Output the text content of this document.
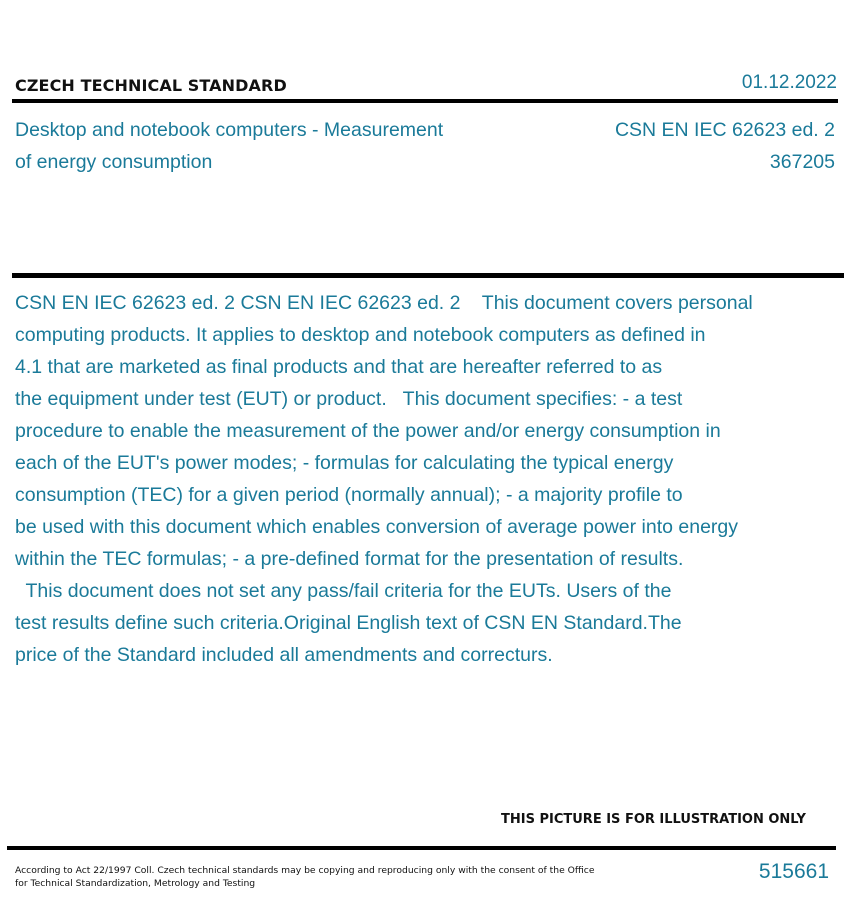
CZECH TECHNICAL STANDARD	01.12.2022
Desktop and notebook computers - Measurement
of energy consumption
CSN EN IEC 62623 ed. 2
367205
CSN EN IEC 62623 ed. 2 CSN EN IEC 62623 ed. 2    This document covers personal
computing products. It applies to desktop and notebook computers as defined in
4.1 that are marketed as final products and that are hereafter referred to as
the equipment under test (EUT) or product.   This document specifies: - a test
procedure to enable the measurement of the power and/or energy consumption in
each of the EUT's power modes; - formulas for calculating the typical energy
consumption (TEC) for a given period (normally annual); - a majority profile to
be used with this document which enables conversion of average power into energy
within the TEC formulas; - a pre-defined format for the presentation of results.
This document does not set any pass/fail criteria for the EUTs. Users of the
test results define such criteria.Original English text of CSN EN Standard.The
price of the Standard included all amendments and correcturs.
THIS PICTURE IS FOR ILLUSTRATION ONLY
According to Act 22/1997 Coll. Czech technical standards may be copying and reproducing only with the consent of the Office
for Technical Standardization, Metrology and Testing
515661
